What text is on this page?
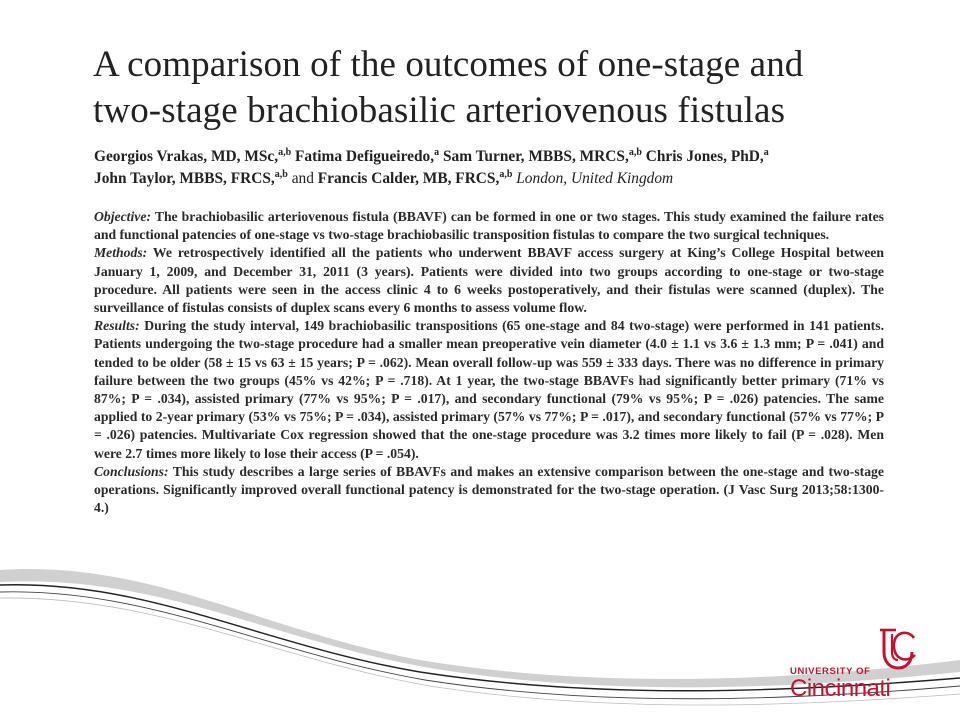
A comparison of the outcomes of one-stage and
two-stage brachiobasilic arteriovenous fistulas
Georgios Vrakas, MD, MSc,$^{a,b}$ Fatima Defigueiredo,$^a$ Sam Turner, MBBS, MRCS,$^{a,b}$ Chris Jones, PhD,$^a$
John Taylor, MBBS, FRCS,$^{a,b}$ and Francis Calder, MB, FRCS,$^{a,b}$ London, United Kingdom

Objective: The brachiobasilic arteriovenous fistula (BBAVF) can be formed in one or two stages. This study examined the failure rates and functional patencies of one-stage vs two-stage brachiobasilic transposition fistulas to compare the two surgical techniques.

Methods: We retrospectively identified all the patients who underwent BBAVF access surgery at King’s College Hospital between January 1, 2009, and December 31, 2011 (3 years). Patients were divided into two groups according to one-stage or two-stage procedure. All patients were seen in the access clinic 4 to 6 weeks postoperatively, and their fistulas were scanned (duplex). The surveillance of fistulas consists of duplex scans every 6 months to assess volume flow.

Results: During the study interval, 149 brachiobasilic transpositions (65 one-stage and 84 two-stage) were performed in 141 patients. Patients undergoing the two-stage procedure had a smaller mean preoperative vein diameter (4.0 ± 1.1 vs 3.6 ± 1.3 mm; P = .041) and tended to be older (58 ± 15 vs 63 ± 15 years; P = .062). Mean overall follow-up was 559 ± 333 days. There was no difference in primary failure between the two groups (45% vs 42%; P = .718). At 1 year, the two-stage BBAVFs had significantly better primary (71% vs 87%; P = .034), assisted primary (77% vs 95%; P = .017), and secondary functional (79% vs 95%; P = .026) patencies. The same applied to 2-year primary (53% vs 75%; P = .034), assisted primary (57% vs 77%; P = .017), and secondary functional (57% vs 77%; P = .026) patencies. Multivariate Cox regression showed that the one-stage procedure was 3.2 times more likely to fail (P = .028). Men were 2.7 times more likely to lose their access (P = .054).

Conclusions: This study describes a large series of BBAVFs and makes an extensive comparison between the one-stage and two-stage operations. Significantly improved overall functional patency is demonstrated for the two-stage operation. (J Vasc Surg 2013;58:1300-4.)

UNIVERSITY OF
Cincinnati
